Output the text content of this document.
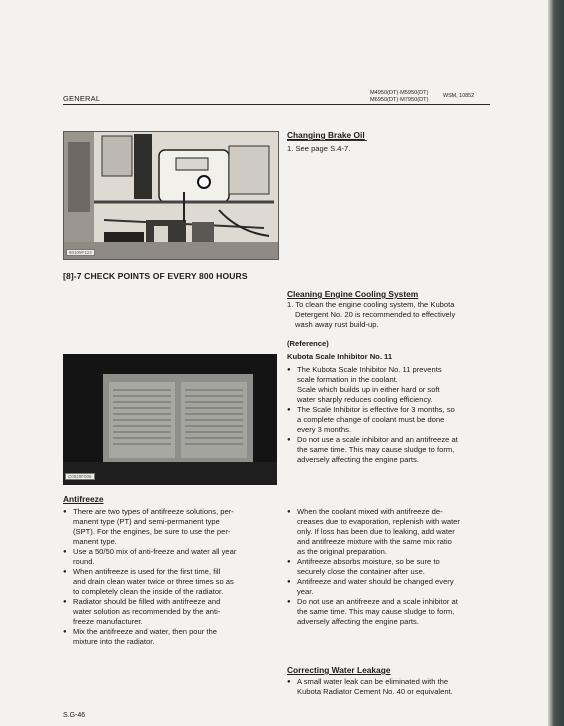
GENERAL
M4950(DT)·M5950(DT)
M6950(DT)·M7950(DT)
WSM, 10852
60105F123
Changing Brake Oil
1. See page S.4-7.
[8]-7 CHECK POINTS OF EVERY 800 HOURS
Cleaning Engine Cooling System
1. To clean the engine cooling system, the Kubota
Detergent No. 20 is recommended to effectively
wash away rust build-up.
(Reference)
Kubota Scale Inhibitor No. 11
● The Kubota Scale Inhibitor No. 11 prevents
scale formation in the coolant.
Scale which builds up in either hard or soft
water sharply reduces cooling efficiency.
● The Scale Inhibitor is effective for 3 months, so
a complete change of coolant must be done
every 3 months.
● Do not use a scale inhibitor and an antifreeze at
the same time. This may cause sludge to form,
adversely affecting the engine parts.
C0020F009
Antifreeze
● There are two types of antifreeze solutions, per-
manent type (PT) and semi-permanent type
(SPT). For the engines, be sure to use the per-
manent type.
● Use a 50/50 mix of anti-freeze and water all year
round.
● When antifreeze is used for the first time, fill
and drain clean water twice or three times so as
to completely clean the inside of the radiator.
● Radiator should be filled with antifreeze and
water solution as recommended by the anti-
freeze manufacturer.
● Mix the antifreeze and water, then pour the
mixture into the radiator.
● When the coolant mixed with antifreeze de-
creases due to evaporation, replenish with water
only. If loss has been due to leaking, add water
and antifreeze mixture with the same mix ratio
as the original preparation.
● Antifreeze absorbs moisture, so be sure to
securely close the container after use.
● Antifreeze and water should be changed every
year.
● Do not use an antifreeze and a scale inhibitor at
the same time. This may cause sludge to form,
adversely affecting the engine parts.
Correcting Water Leakage
● A small water leak can be eliminated with the
Kubota Radiator Cement No. 40 or equivalent.
S.G-46
